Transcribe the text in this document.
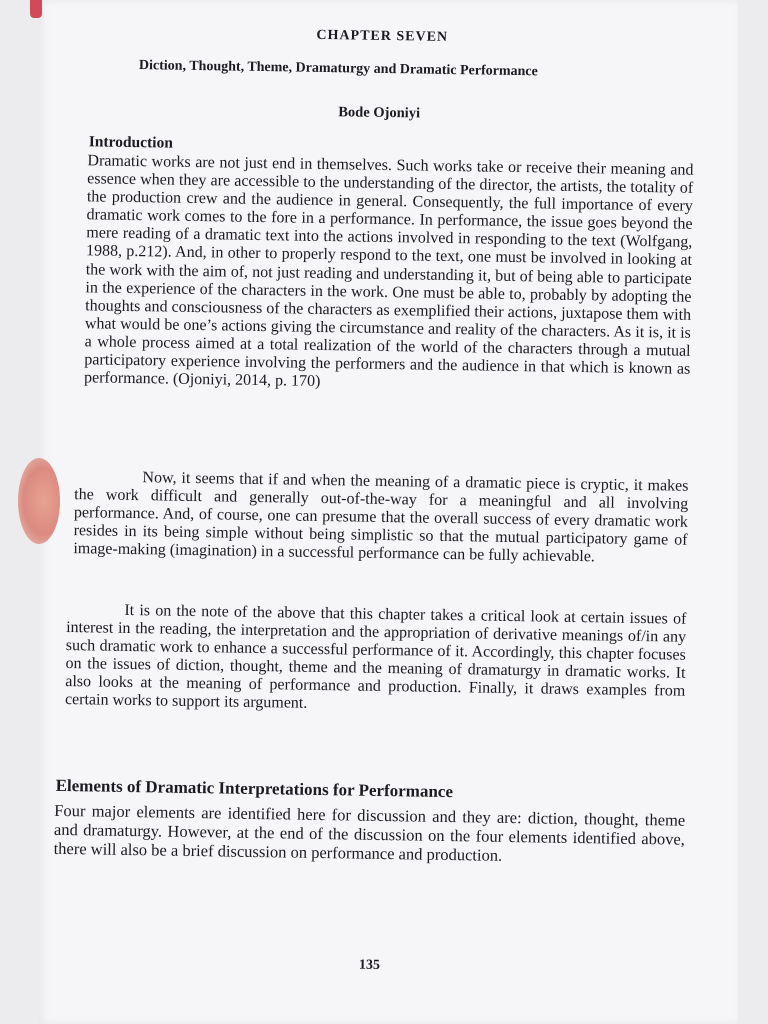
CHAPTER SEVEN
Diction, Thought, Theme, Dramaturgy and Dramatic Performance
Bode Ojoniyi
Introduction
Dramatic works are not just end in themselves. Such works take or receive their meaning and essence when they are accessible to the understanding of the director, the artists, the totality of the production crew and the audience in general. Consequently, the full importance of every dramatic work comes to the fore in a performance. In performance, the issue goes beyond the mere reading of a dramatic text into the actions involved in responding to the text (Wolfgang, 1988, p.212). And, in other to properly respond to the text, one must be involved in looking at the work with the aim of, not just reading and understanding it, but of being able to participate in the experience of the characters in the work. One must be able to, probably by adopting the thoughts and consciousness of the characters as exemplified their actions, juxtapose them with what would be one’s actions giving the circumstance and reality of the characters. As it is, it is a whole process aimed at a total realization of the world of the characters through a mutual participatory experience involving the performers and the audience in that which is known as performance. (Ojoniyi, 2014, p. 170)
Now, it seems that if and when the meaning of a dramatic piece is cryptic, it makes the work difficult and generally out-of-the-way for a meaningful and all involving performance. And, of course, one can presume that the overall success of every dramatic work resides in its being simple without being simplistic so that the mutual participatory game of image-making (imagination) in a successful performance can be fully achievable.
It is on the note of the above that this chapter takes a critical look at certain issues of interest in the reading, the interpretation and the appropriation of derivative meanings of/in any such dramatic work to enhance a successful performance of it. Accordingly, this chapter focuses on the issues of diction, thought, theme and the meaning of dramaturgy in dramatic works. It also looks at the meaning of performance and production. Finally, it draws examples from certain works to support its argument.
Elements of Dramatic Interpretations for Performance
Four major elements are identified here for discussion and they are: diction, thought, theme and dramaturgy. However, at the end of the discussion on the four elements identified above, there will also be a brief discussion on performance and production.
135
